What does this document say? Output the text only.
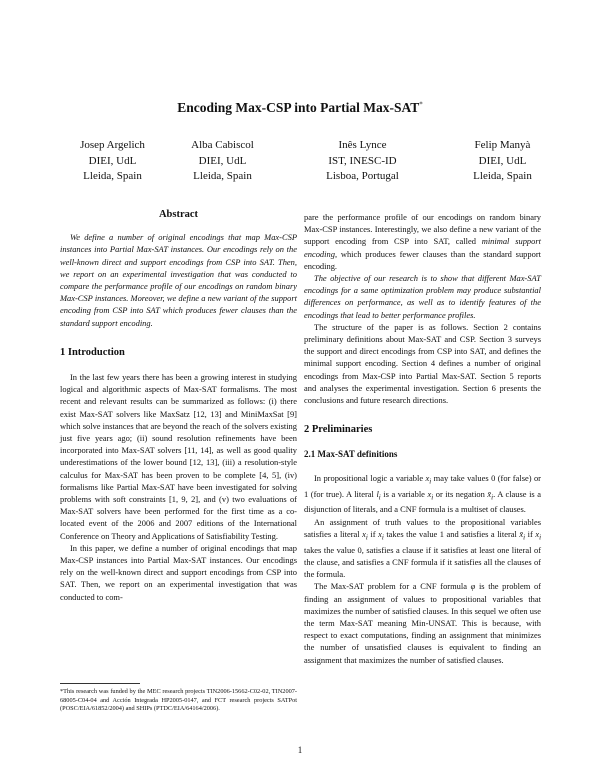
Encoding Max-CSP into Partial Max-SAT*
Josep Argelich
DIEI, UdL
Lleida, Spain
Alba Cabiscol
DIEI, UdL
Lleida, Spain
Inês Lynce
IST, INESC-ID
Lisboa, Portugal
Felip Manyà
DIEI, UdL
Lleida, Spain
Abstract

We define a number of original encodings that map Max-CSP instances into Partial Max-SAT instances. Our encodings rely on the well-known direct and support encodings from CSP into SAT. Then, we report on an experimental investigation that was conducted to compare the performance profile of our encodings on random binary Max-CSP instances. Moreover, we define a new variant of the support encoding from CSP into SAT which produces fewer clauses than the standard support encoding.

1 Introduction

In the last few years there has been a growing interest in studying logical and algorithmic aspects of Max-SAT formalisms. The most recent and relevant results can be summarized as follows: (i) there exist Max-SAT solvers like MaxSatz [12, 13] and MiniMaxSat [9] which solve instances that are beyond the reach of the solvers existing just five years ago; (ii) sound resolution refinements have been incorporated into Max-SAT solvers [11, 14], as well as good quality underestimations of the lower bound [12, 13], (iii) a resolution-style calculus for Max-SAT has been proven to be complete [4, 5], (iv) formalisms like Partial Max-SAT have been investigated for solving problems with soft constraints [1, 9, 2], and (v) two evaluations of Max-SAT solvers have been performed for the first time as a co-located event of the 2006 and 2007 editions of the International Conference on Theory and Applications of Satisfiability Testing.

In this paper, we define a number of original encodings that map Max-CSP instances into Partial Max-SAT instances. Our encodings rely on the well-known direct and support encodings from CSP into SAT. Then, we report on an experimental investigation that was conducted to com-

pare the performance profile of our encodings on random binary Max-CSP instances. Interestingly, we also define a new variant of the support encoding from CSP into SAT, called minimal support encoding, which produces fewer clauses than the standard support encoding.

The objective of our research is to show that different Max-SAT encodings for a same optimization problem may produce substantial differences on performance, as well as to identify features of the encodings that lead to better performance profiles.

The structure of the paper is as follows. Section 2 contains preliminary definitions about Max-SAT and CSP. Section 3 surveys the support and direct encodings from CSP into SAT, and defines the minimal support encoding. Section 4 defines a number of original encodings from Max-CSP into Partial Max-SAT. Section 5 reports and analyses the experimental investigation. Section 6 presents the conclusions and future research directions.

2 Preliminaries
2.1 Max-SAT definitions

In propositional logic a variable $x_i$ may take values 0 (for false) or 1 (for true). A literal $l_i$ is a variable $x_i$ or its negation $x̄_i$. A clause is a disjunction of literals, and a CNF formula is a multiset of clauses.

An assignment of truth values to the propositional variables satisfies a literal $x_i$ if $x_i$ takes the value 1 and satisfies a literal $x̄_i$ if $x_i$ takes the value 0, satisfies a clause if it satisfies at least one literal of the clause, and satisfies a CNF formula if it satisfies all the clauses of the formula.

The Max-SAT problem for a CNF formula φ is the problem of finding an assignment of values to propositional variables that maximizes the number of satisfied clauses. In this sequel we often use the term Max-SAT meaning Min-UNSAT. This is because, with respect to exact computations, finding an assignment that minimizes the number of unsatisfied clauses is equivalent to finding an assignment that maximizes the number of satisfied clauses.

*This research was funded by the MEC research projects TIN2006-15662-C02-02, TIN2007-68005-C04-04 and Acción Integrada HP2005-0147, and FCT research projects SATPot (POSC/EIA/61852/2004) and SHIPs (PTDC/EIA/64164/2006).
1
